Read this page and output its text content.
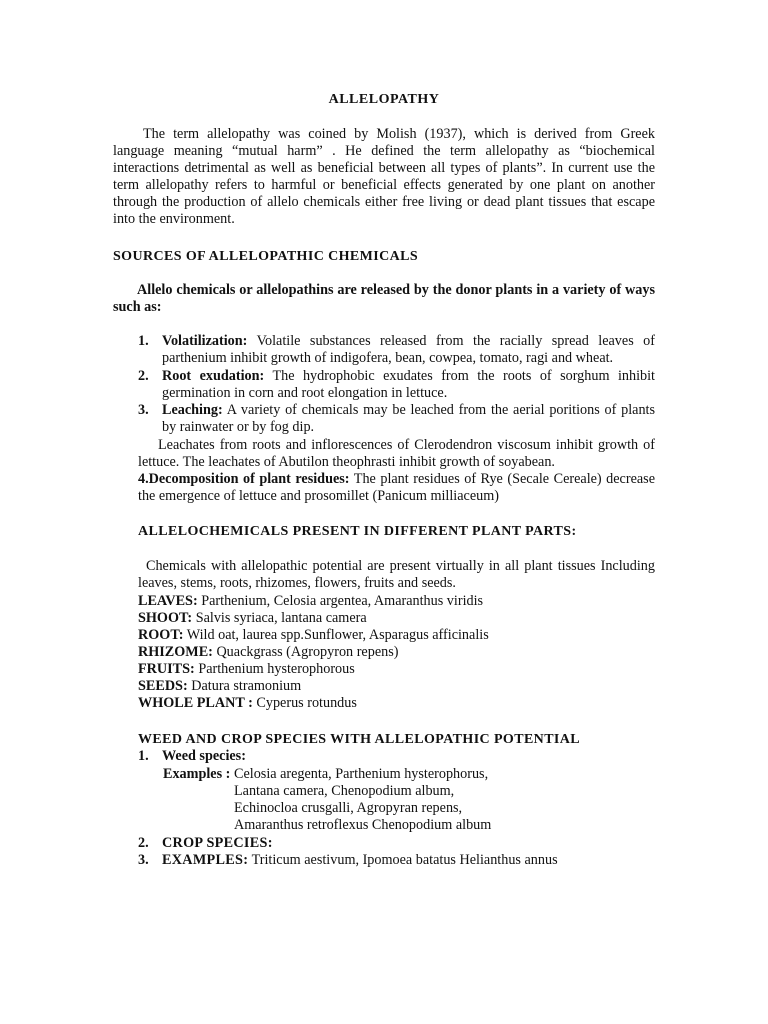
ALLELOPATHY

The term allelopathy was coined by Molish (1937), which is derived from Greek language meaning “mutual harm” . He defined the term allelopathy as “biochemical interactions detrimental as well as beneficial between all types of plants”. In current use the term allelopathy refers to harmful or beneficial effects generated by one plant on another through the production of allelo chemicals either free living or dead plant tissues that escape into the environment.

SOURCES OF ALLELOPATHIC CHEMICALS

Allelo chemicals or allelopathins are released by the donor plants in a variety of ways such as:

1. Volatilization: Volatile substances released from the racially spread leaves of parthenium inhibit growth of indigofera, bean, cowpea, tomato, ragi and wheat.
2. Root exudation: The hydrophobic exudates from the roots of sorghum inhibit germination in corn and root elongation in lettuce.
3. Leaching: A variety of chemicals may be leached from the aerial poritions of plants by rainwater or by fog dip.

Leachates from roots and inflorescences of Clerodendron viscosum inhibit growth of lettuce. The leachates of Abutilon theophrasti inhibit growth of soyabean.

4.Decomposition of plant residues: The plant residues of Rye (Secale Cereale) decrease the emergence of lettuce and prosomillet (Panicum milliaceum)
ALLELOCHEMICALS PRESENT IN DIFFERENT PLANT PARTS:

Chemicals with allelopathic potential are present virtually in all plant tissues Including leaves, stems, roots, rhizomes, flowers, fruits and seeds.

LEAVES: Parthenium, Celosia argentea, Amaranthus viridis
SHOOT: Salvis syriaca, lantana camera
ROOT: Wild oat, laurea spp.Sunflower, Asparagus afficinalis
RHIZOME: Quackgrass (Agropyron repens)
FRUITS: Parthenium hysterophorous
SEEDS: Datura stramonium
WHOLE PLANT : Cyperus rotundus
WEED AND CROP SPECIES WITH ALLELOPATHIC POTENTIAL
1. Weed species:
Examples : Celosia aregenta, Parthenium hysterophorus,
Lantana camera, Chenopodium album,
Echinocloa crusgalli, Agropyran repens,
Amaranthus retroflexus Chenopodium album
2. CROP SPECIES:
3. EXAMPLES: Triticum aestivum, Ipomoea batatus Helianthus annus
